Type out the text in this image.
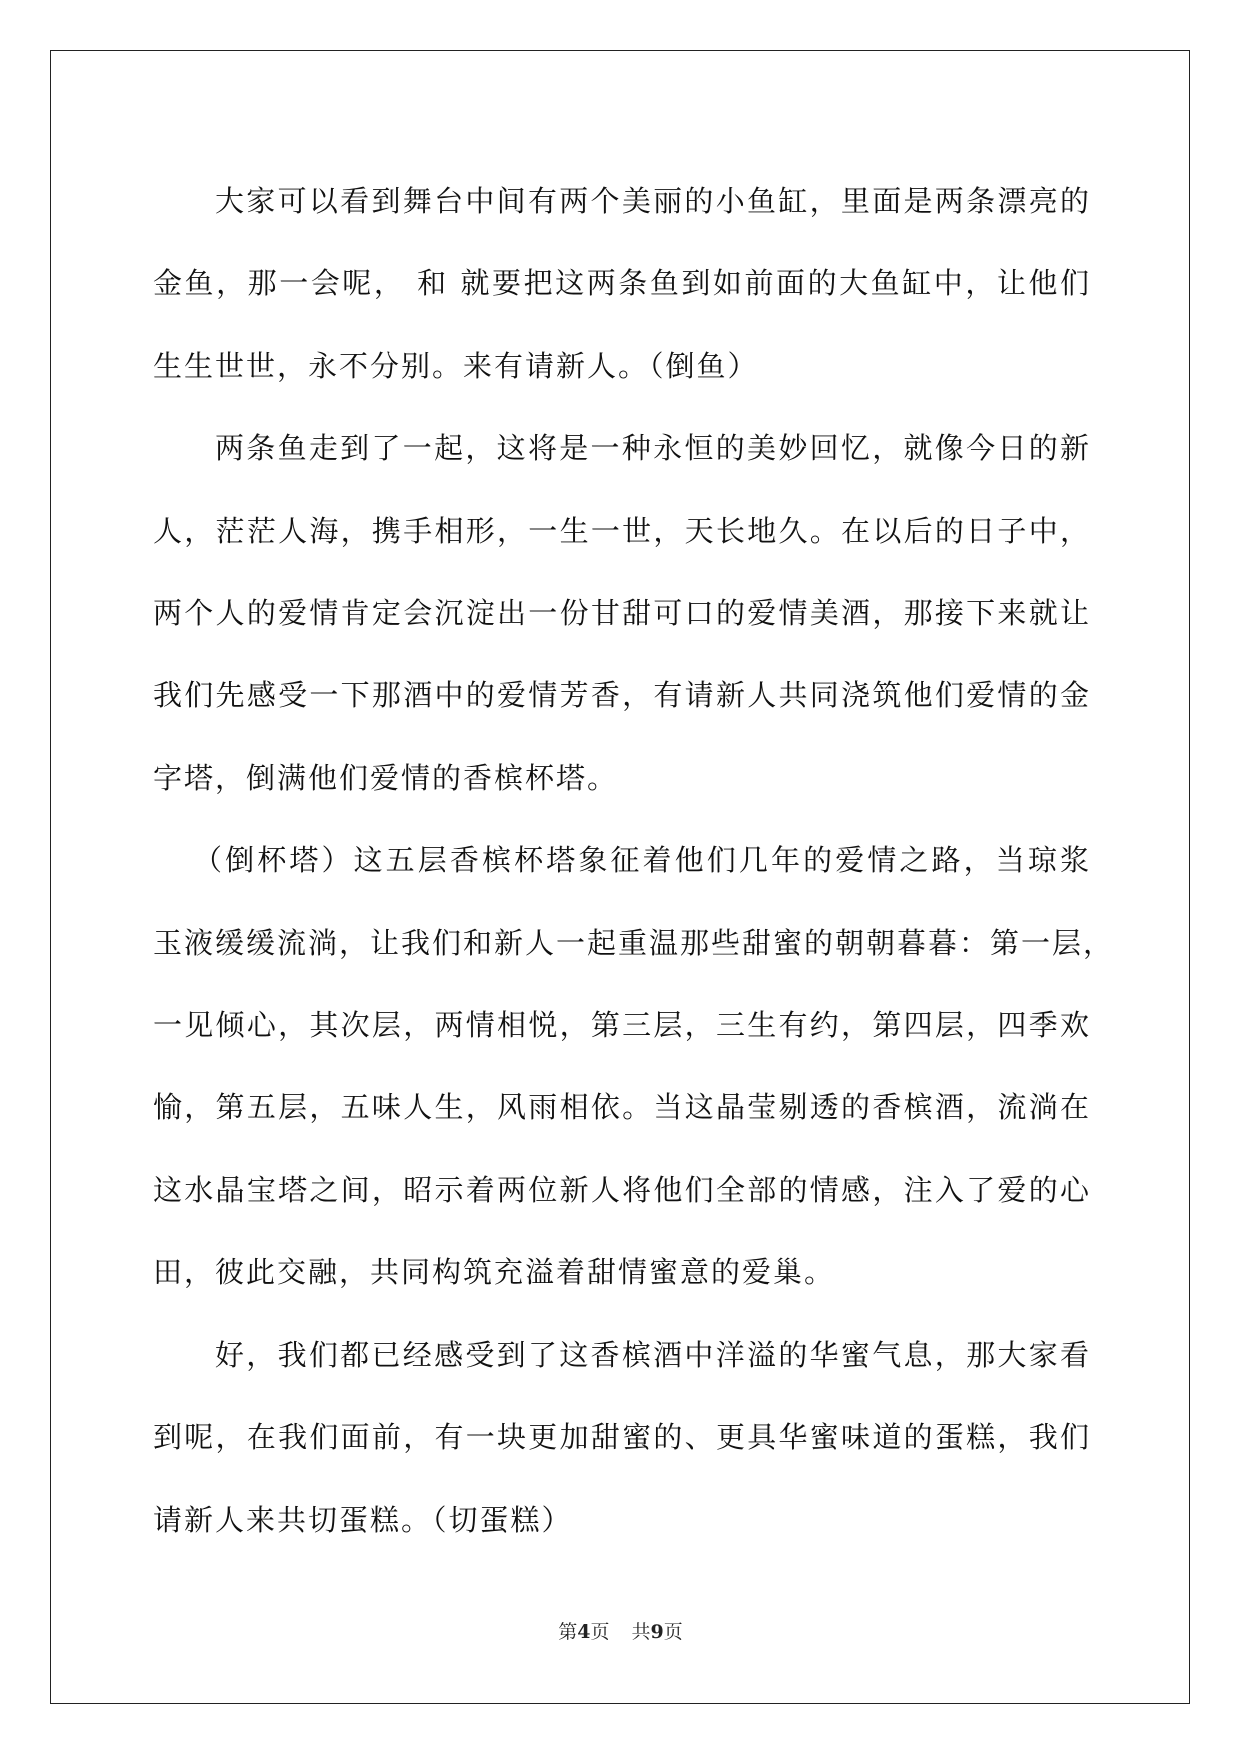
大家可以看到舞台中间有两个美丽的小鱼缸，里面是两条漂亮的
金鱼，那一会呢， 和 就要把这两条鱼到如前面的大鱼缸中，让他们
生生世世，永不分别。来有请新人。（倒鱼）

两条鱼走到了一起，这将是一种永恒的美妙回忆，就像今日的新
人，茫茫人海，携手相形，一生一世，天长地久。在以后的日子中，
两个人的爱情肯定会沉淀出一份甘甜可口的爱情美酒，那接下来就让
我们先感受一下那酒中的爱情芳香，有请新人共同浇筑他们爱情的金
字塔，倒满他们爱情的香槟杯塔。

（倒杯塔）这五层香槟杯塔象征着他们几年的爱情之路，当琼浆
玉液缓缓流淌，让我们和新人一起重温那些甜蜜的朝朝暮暮：第一层，
一见倾心，其次层，两情相悦，第三层，三生有约，第四层，四季欢
愉，第五层，五味人生，风雨相依。当这晶莹剔透的香槟酒，流淌在
这水晶宝塔之间，昭示着两位新人将他们全部的情感，注入了爱的心
田，彼此交融，共同构筑充溢着甜情蜜意的爱巢。

好，我们都已经感受到了这香槟酒中洋溢的华蜜气息，那大家看
到呢，在我们面前，有一块更加甜蜜的、更具华蜜味道的蛋糕，我们
请新人来共切蛋糕。（切蛋糕）

第4页 共9页
